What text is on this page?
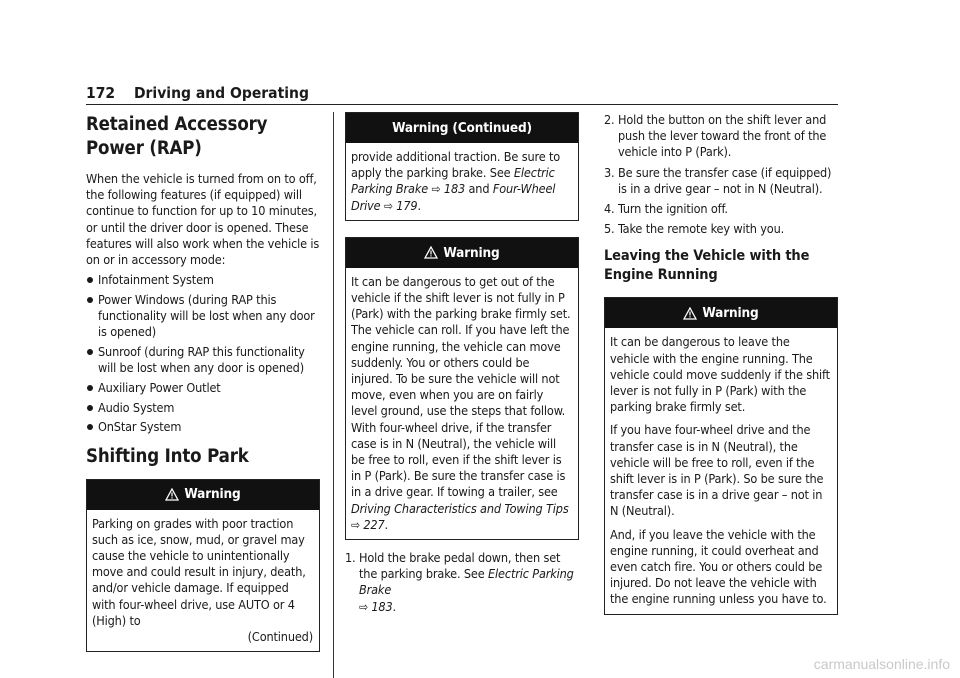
172 Driving and Operating
Retained Accessory Power (RAP)

When the vehicle is turned from on to off, the following features (if equipped) will continue to function for up to 10 minutes, or until the driver door is opened. These features will also work when the vehicle is on or in accessory mode:

Infotainment System
Power Windows (during RAP this functionality will be lost when any door is opened)
Sunroof (during RAP this functionality will be lost when any door is opened)
Auxiliary Power Outlet
Audio System
OnStar System
Shifting Into Park
Warning

Parking on grades with poor traction such as ice, snow, mud, or gravel may cause the vehicle to unintentionally move and could result in injury, death, and/or vehicle damage. If equipped with four-wheel drive, use AUTO or 4 (High) to

(Continued)
Warning (Continued)

provide additional traction. Be sure to apply the parking brake. See Electric Parking Brake ⇨ 183 and Four-Wheel Drive ⇨ 179.

Warning

It can be dangerous to get out of the vehicle if the shift lever is not fully in P (Park) with the parking brake firmly set. The vehicle can roll. If you have left the engine running, the vehicle can move suddenly. You or others could be injured. To be sure the vehicle will not move, even when you are on fairly level ground, use the steps that follow. With four-wheel drive, if the transfer case is in N (Neutral), the vehicle will be free to roll, even if the shift lever is in P (Park). Be sure the transfer case is in a drive gear. If towing a trailer, see Driving Characteristics and Towing Tips ⇨ 227.

1. Hold the brake pedal down, then set the parking brake. See Electric Parking Brake
⇨ 183.
2. Hold the button on the shift lever and push the lever toward the front of the vehicle into P (Park).
3. Be sure the transfer case (if equipped) is in a drive gear – not in N (Neutral).
4. Turn the ignition off.
5. Take the remote key with you.
Leaving the Vehicle with the Engine Running
Warning

It can be dangerous to leave the vehicle with the engine running. The vehicle could move suddenly if the shift lever is not fully in P (Park) with the parking brake firmly set.

If you have four-wheel drive and the transfer case is in N (Neutral), the vehicle will be free to roll, even if the shift lever is in P (Park). So be sure the transfer case is in a drive gear – not in N (Neutral).

And, if you leave the vehicle with the engine running, it could overheat and even catch fire. You or others could be injured. Do not leave the vehicle with the engine running unless you have to.

carmanualsonline.info
